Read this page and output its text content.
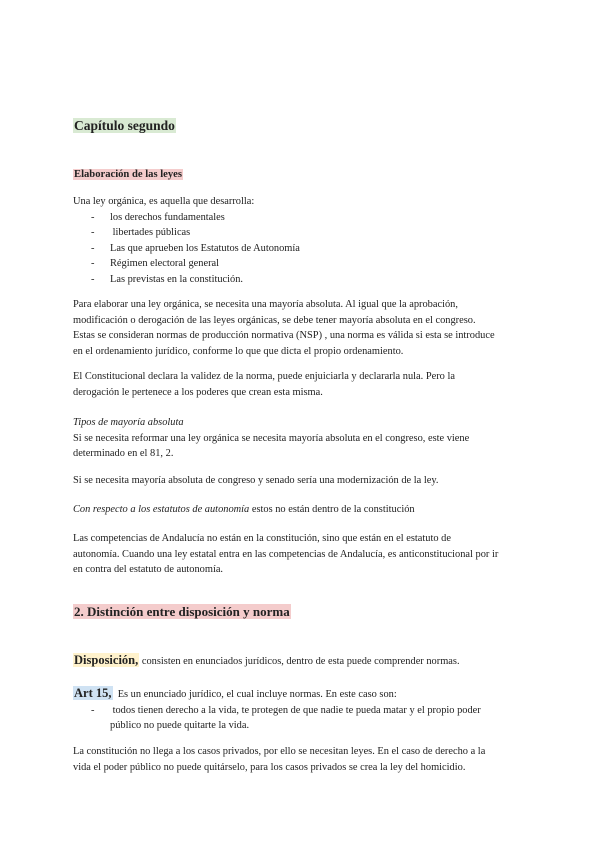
Capítulo segundo
Elaboración de las leyes
Una ley orgánica, es aquella que desarrolla:
- los derechos fundamentales
-  libertades públicas
- Las que aprueben los Estatutos de Autonomía
- Régimen electoral general
- Las previstas en la constitución.
Para elaborar una ley orgánica, se necesita una mayoría absoluta. Al igual que la aprobación,
modificación o derogación de las leyes orgánicas, se debe tener mayoría absoluta en el congreso.
Estas se consideran normas de producción normativa (NSP) , una norma es válida si esta se introduce
en el ordenamiento jurídico, conforme lo que que dicta el propio ordenamiento.
El Constitucional declara la validez de la norma, puede enjuiciarla y declararla nula. Pero la
derogación le pertenece a los poderes que crean esta misma.
Tipos de mayoría absoluta
Si se necesita reformar una ley orgánica se necesita mayoría absoluta en el congreso, este viene
determinado en el 81, 2.
Si se necesita mayoría absoluta de congreso y senado sería una modernización de la ley.
Con respecto a los estatutos de autonomía estos no están dentro de la constitución
Las competencias de Andalucía no están en la constitución, sino que están en el estatuto de
autonomía. Cuando una ley estatal entra en las competencias de Andalucía, es anticonstitucional por ir
en contra del estatuto de autonomía.
2. Distinción entre disposición y norma
Disposición, consisten en enunciados jurídicos, dentro de esta puede comprender normas.
Art 15,  Es un enunciado jurídico, el cual incluye normas. En este caso son:
-  todos tienen derecho a la vida, te protegen de que nadie te pueda matar y el propio poder
público no puede quitarte la vida.
La constitución no llega a los casos privados, por ello se necesitan leyes. En el caso de derecho a la
vida el poder público no puede quitárselo, para los casos privados se crea la ley del homicidio.
